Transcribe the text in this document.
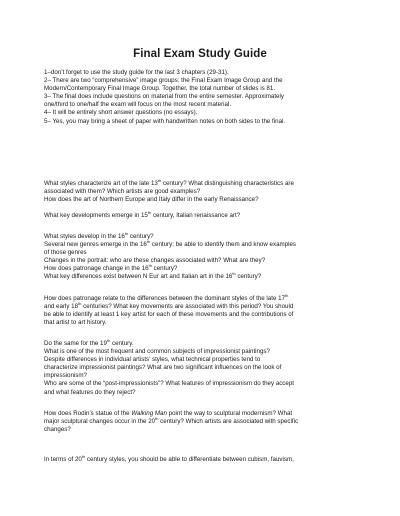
Final Exam Study Guide
1–don’t forget to use the study guide for the last 3 chapters (29-31).
2– There are two “comprehensive” image groups: the Final Exam Image Group and the
Modern/Contemporary Final Image Group. Together, the total number of slides is 81.
3– The final does include questions on material from the entire semester. Approximately
one/third to one/half the exam will focus on the most recent material.
4– It will be entirely short answer questions (no essays).
5– Yes, you may bring a sheet of paper with handwritten notes on both sides to the final.
What styles characterize art of the late 13th century? What distinguishing characteristics are
associated with them? Which artists are good examples?
How does the art of Northern Europe and Italy differ in the early Renaissance?
What key developments emerge in 15th century, Italian renaissance art?
What styles develop in the 16th century?
Several new genres emerge in the 16th century; be able to identify them and know examples
of those genres
Changes in the portrait: who are these changes associated with? What are they?
How does patronage change in the 16th century?
What key differences exist between N Eur art and Italian art in the 16th century?
How does patronage relate to the differences between the dominant styles of the late 17th
and early 18th centuries? What key movements are associated with this period? You should
be able to identify at least 1 key artist for each of these movements and the contributions of
that artist to art history.
Do the same for the 19th century.
What is one of the most frequent and common subjects of impressionist paintings?
Despite differences in individual artists’ styles, what technical properties tend to
characterize impressionist paintings? What are two significant influences on the look of
impressionism?
Who are some of the “post-impressionists”? What features of impressionism do they accept
and what features do they reject?
How does Rodin’s statue of the Walking Man point the way to sculptural modernism? What
major sculptural changes occur in the 20th century? Which artists are associated with specific
changes?
In terms of 20th century styles, you should be able to differentiate between cubism, fauvism,
